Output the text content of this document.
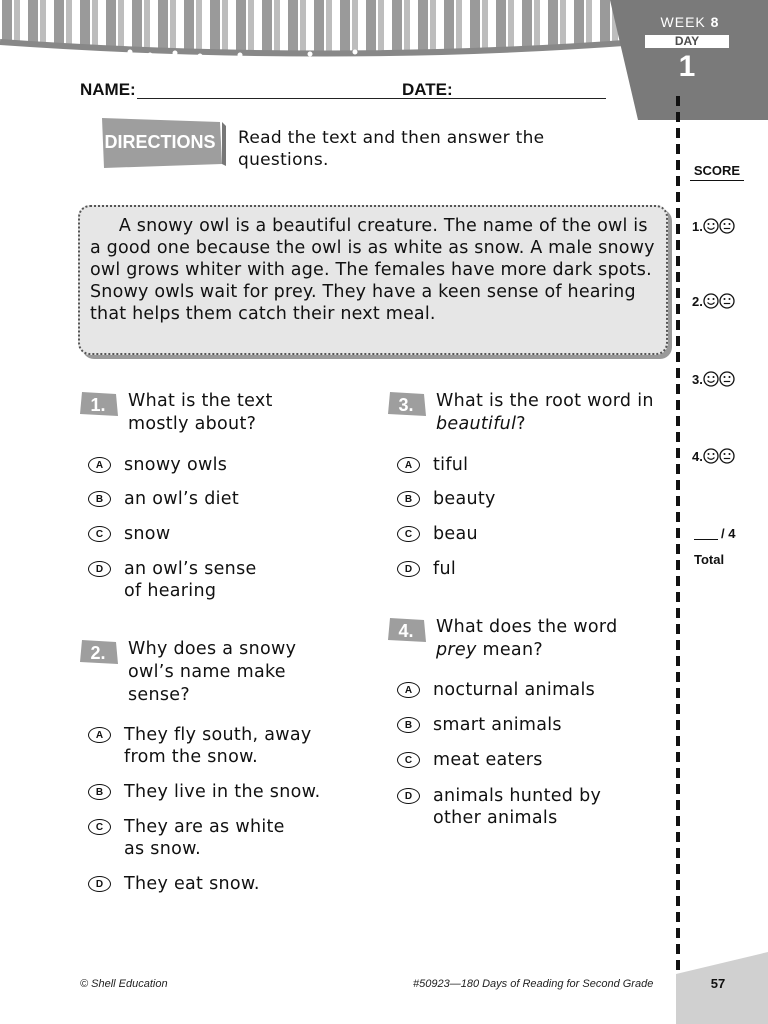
WEEK 8
DAY
1
NAME:	DATE:
DIRECTIONS Read the text and then answer the questions.
A snowy owl is a beautiful creature. The name of the owl is a good one because the owl is as white as snow. A male snowy owl grows whiter with age. The females have more dark spots. Snowy owls wait for prey. They have a keen sense of hearing that helps them catch their next meal.
1. What is the text mostly about?
A	snowy owls
B	an owl’s diet
C	snow
D	an owl’s sense of hearing
2. Why does a snowy owl’s name make sense?
A	They fly south, away from the snow.
B	They live in the snow.
C	They are as white as snow.
D	They eat snow.
3. What is the root word in beautiful?
A	tiful
B	beauty
C	beau
D	ful
4. What does the word prey mean?
A	nocturnal animals
B	smart animals
C	meat eaters
D	animals hunted by other animals
SCORE
1.
2.
3.
4.
/ 4
Total
© Shell Education	#50923—180 Days of Reading for Second Grade	57
